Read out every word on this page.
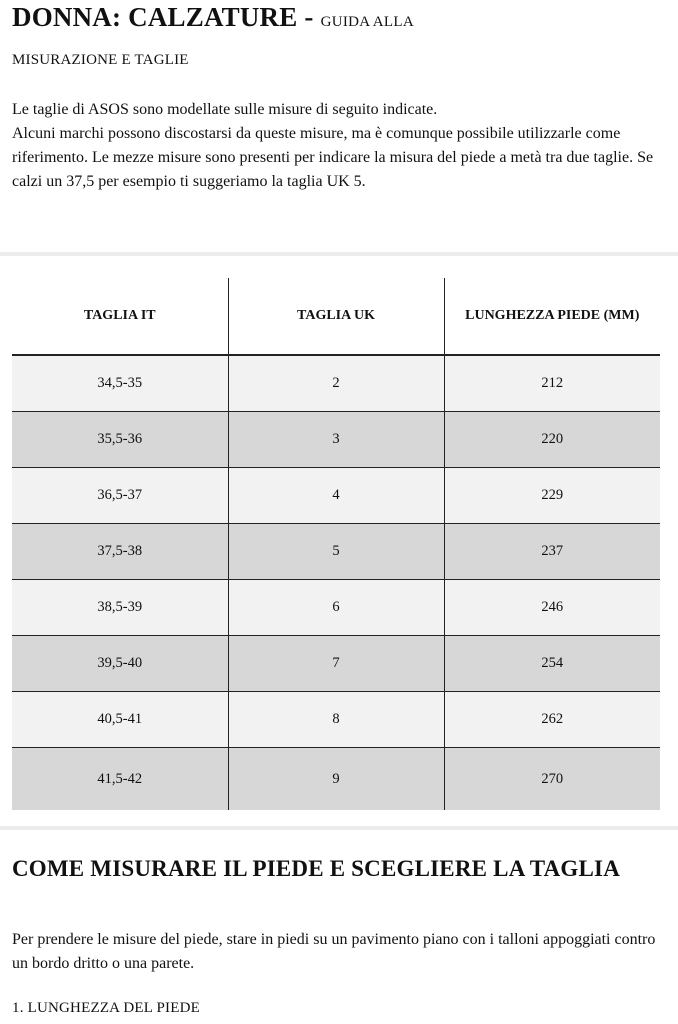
DONNA: CALZATURE - GUIDA ALLA
MISURAZIONE E TAGLIE

Le taglie di ASOS sono modellate sulle misure di seguito indicate.

Alcuni marchi possono discostarsi da queste misure, ma è comunque possibile utilizzarle come riferimento. Le mezze misure sono presenti per indicare la misura del piede a metà tra due taglie. Se calzi un 37,5 per esempio ti suggeriamo la taglia UK 5.

TAGLIA IT	TAGLIA UK	LUNGHEZZA PIEDE (MM)
34,5-35	2	212
35,5-36	3	220
36,5-37	4	229
37,5-38	5	237
38,5-39	6	246
39,5-40	7	254
40,5-41	8	262
41,5-42	9	270
COME MISURARE IL PIEDE E SCEGLIERE LA TAGLIA

Per prendere le misure del piede, stare in piedi su un pavimento piano con i talloni appoggiati contro un bordo dritto o una parete.

1. LUNGHEZZA DEL PIEDE
